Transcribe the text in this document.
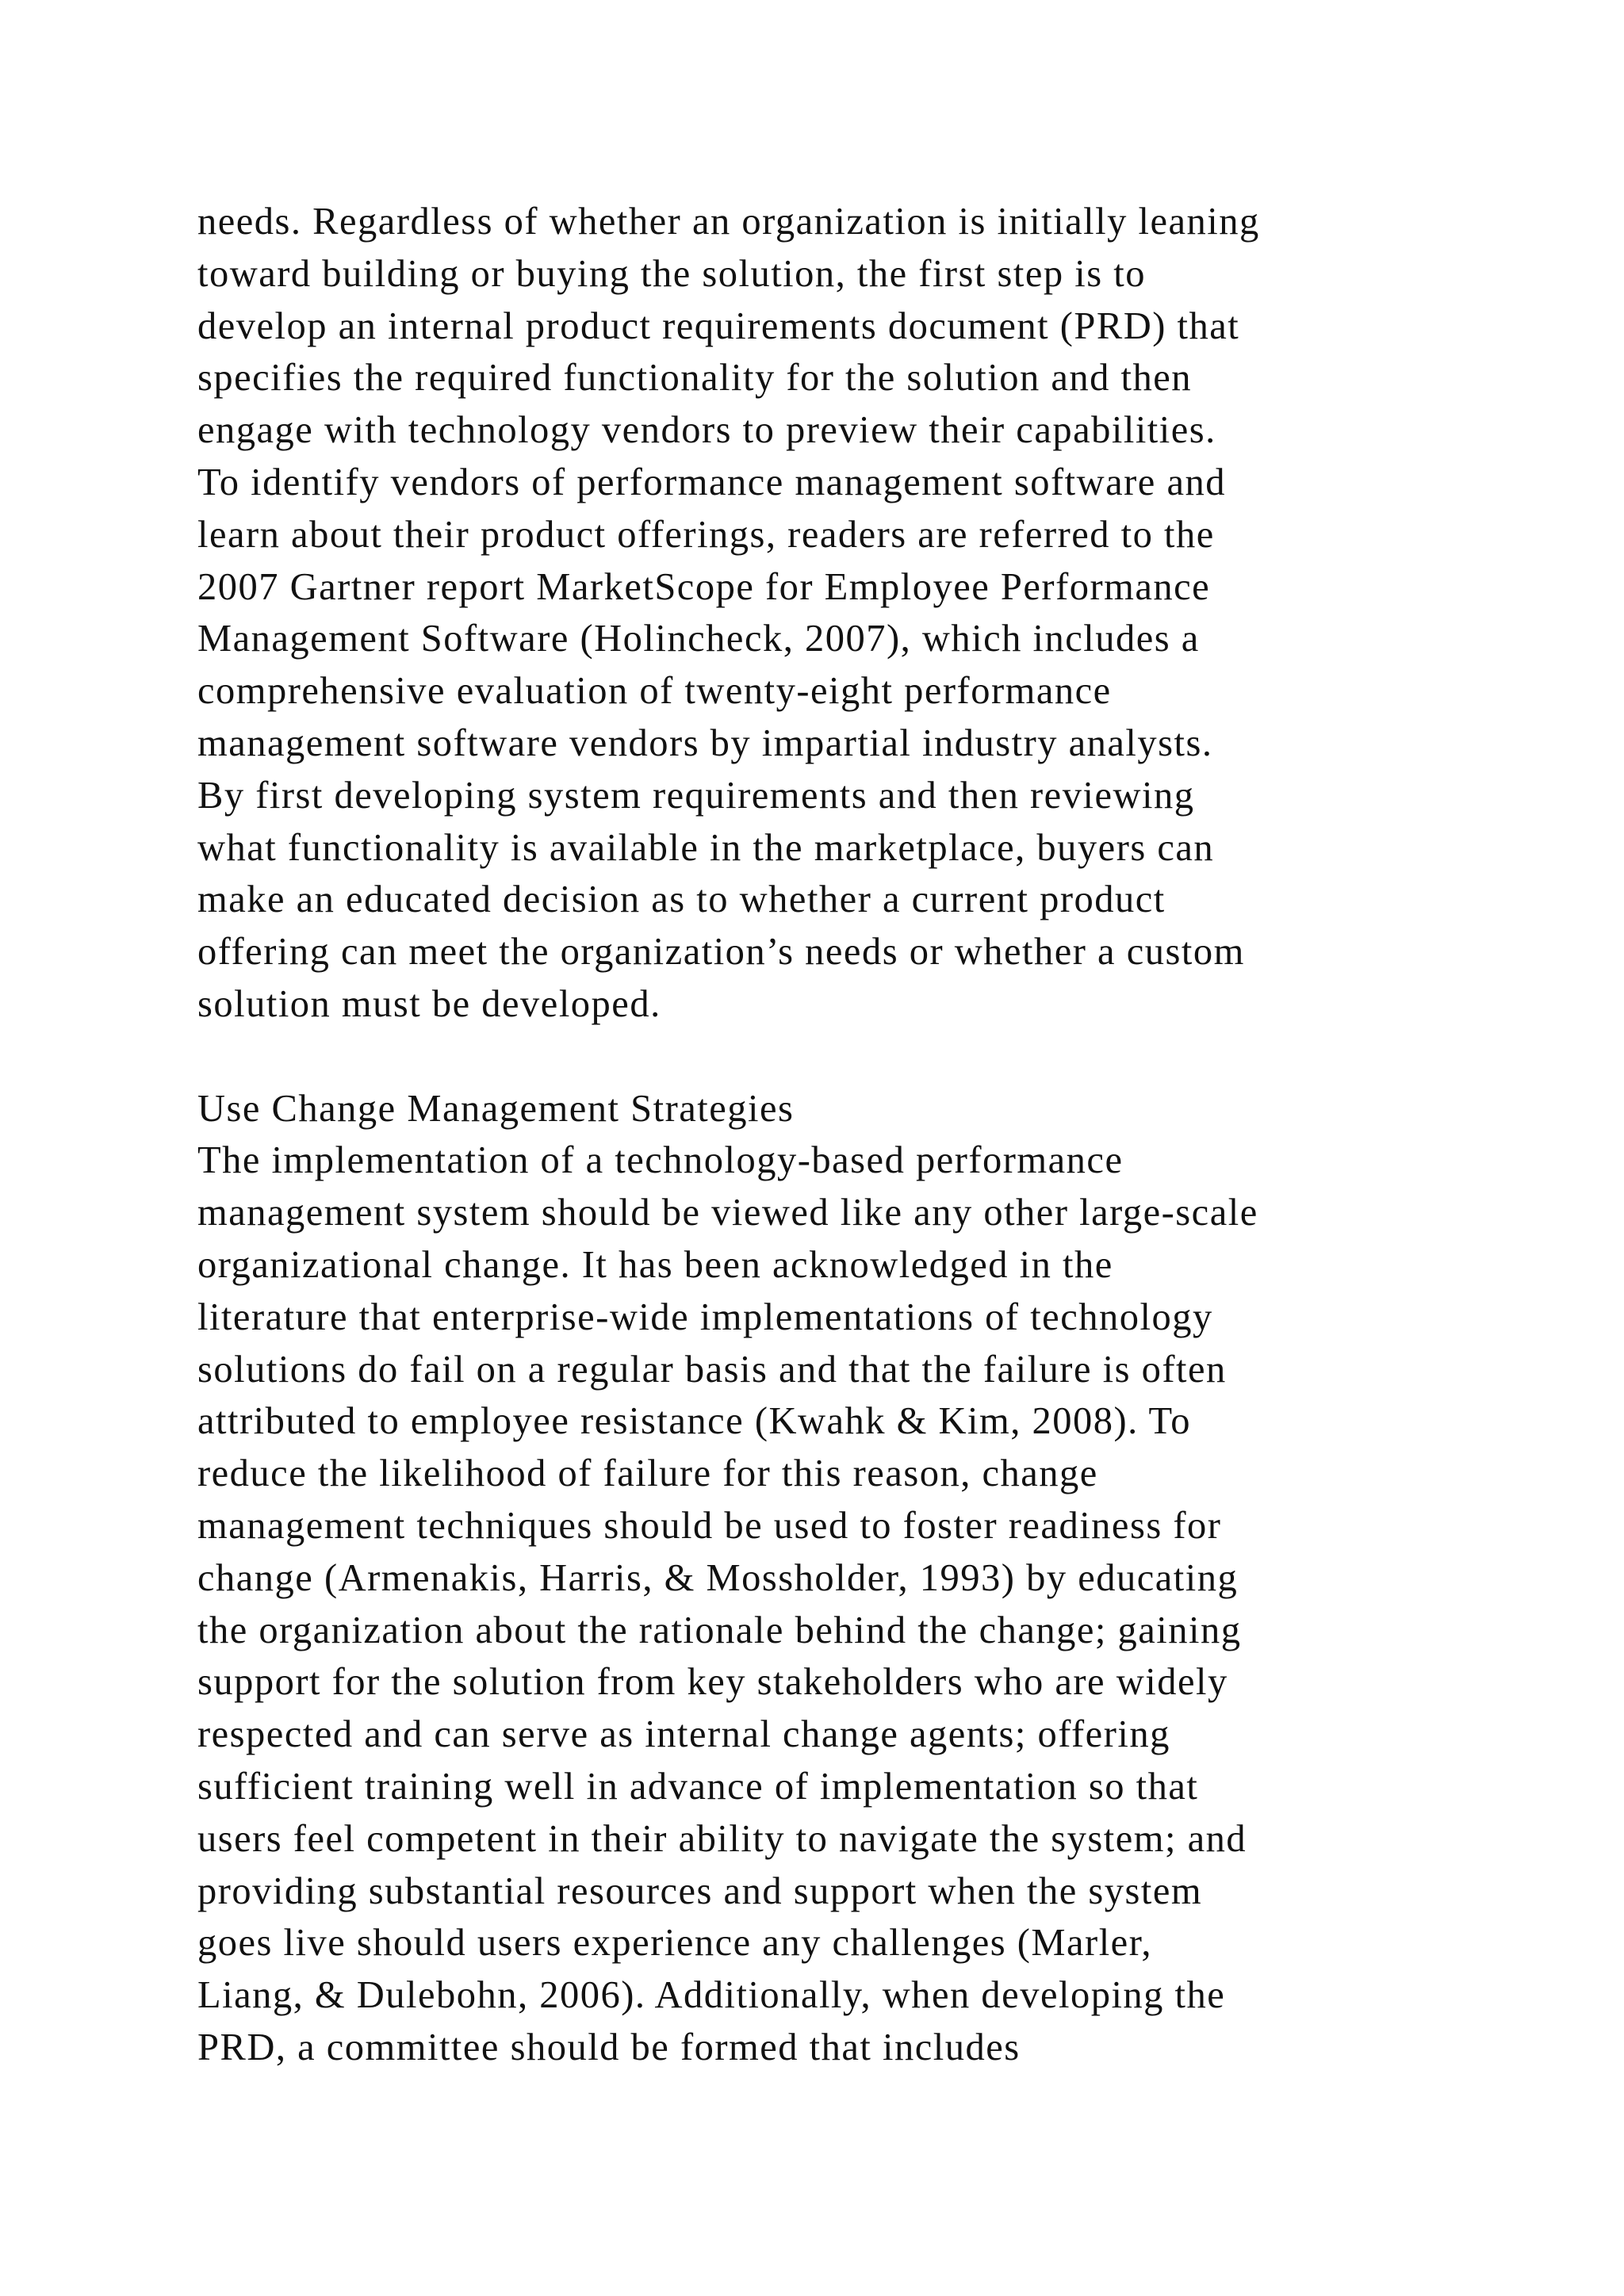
needs. Regardless of whether an organization is initially leaning
toward building or buying the solution, the first step is to
develop an internal product requirements document (PRD) that
specifies the required functionality for the solution and then
engage with technology vendors to preview their capabilities.
To identify vendors of performance management software and
learn about their product offerings, readers are referred to the
2007 Gartner report MarketScope for Employee Performance
Management Software (Holincheck, 2007), which includes a
comprehensive evaluation of twenty-eight performance
management software vendors by impartial industry analysts.
By first developing system requirements and then reviewing
what functionality is available in the marketplace, buyers can
make an educated decision as to whether a current product
offering can meet the organization’s needs or whether a custom
solution must be developed.
Use Change Management Strategies
The implementation of a technology-based performance
management system should be viewed like any other large-scale
organizational change. It has been acknowledged in the
literature that enterprise-wide implementations of technology
solutions do fail on a regular basis and that the failure is often
attributed to employee resistance (Kwahk & Kim, 2008). To
reduce the likelihood of failure for this reason, change
management techniques should be used to foster readiness for
change (Armenakis, Harris, & Mossholder, 1993) by educating
the organization about the rationale behind the change; gaining
support for the solution from key stakeholders who are widely
respected and can serve as internal change agents; offering
sufficient training well in advance of implementation so that
users feel competent in their ability to navigate the system; and
providing substantial resources and support when the system
goes live should users experience any challenges (Marler,
Liang, & Dulebohn, 2006). Additionally, when developing the
PRD, a committee should be formed that includes
